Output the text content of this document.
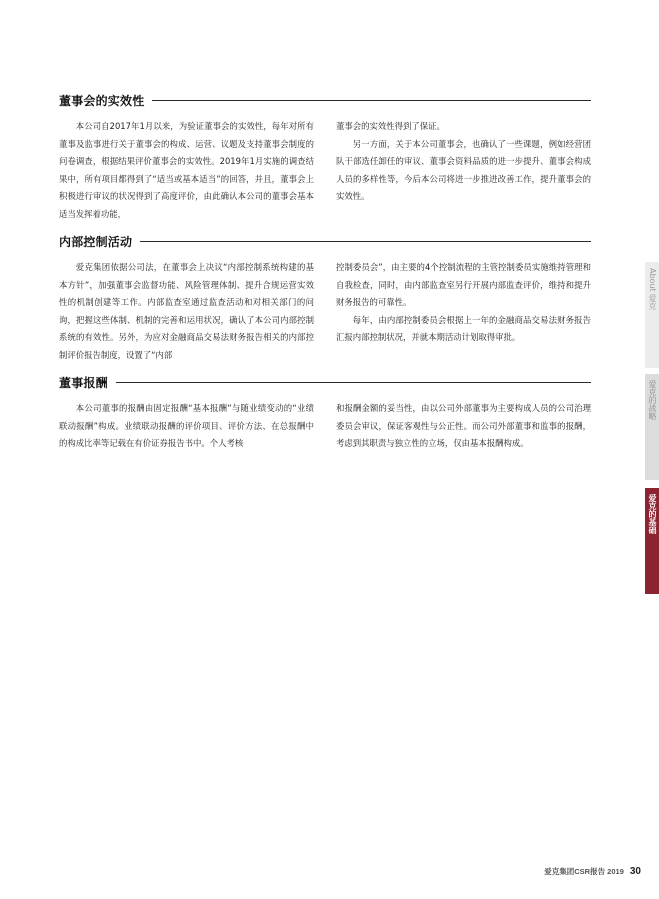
董事会的实效性

本公司自2017年1月以来，为验证董事会的实效性，每年对所有董事及监事进行关于董事会的构成、运营、议题及支持董事会制度的问卷调查，根据结果评价董事会的实效性。2019年1月实施的调查结果中，所有项目都得到了“适当或基本适当”的回答，并且，董事会上积极进行审议的状况得到了高度评价，由此确认本公司的董事会基本适当发挥着功能，

董事会的实效性得到了保证。

另一方面，关于本公司董事会，也确认了一些课题，例如经营团队干部选任卸任的审议、董事会资料品质的进一步提升、董事会构成人员的多样性等，今后本公司将进一步推进改善工作，提升董事会的实效性。

内部控制活动

爱克集团依据公司法，在董事会上决议“内部控制系统构建的基本方针”，加强董事会监督功能、风险管理体制、提升合规运营实效性的机制创建等工作。内部监查室通过监查活动和对相关部门的问询，把握这些体制、机制的完善和运用状况，确认了本公司内部控制系统的有效性。另外，为应对金融商品交易法财务报告相关的内部控制评价报告制度，设置了“内部

控制委员会”，由主要的4个控制流程的主管控制委员实施维持管理和自我检查，同时，由内部监查室另行开展内部监查评价，维持和提升财务报告的可靠性。

每年，由内部控制委员会根据上一年的金融商品交易法财务报告汇报内部控制状况，并就本期活动计划取得审批。

董事报酬

本公司董事的报酬由固定报酬“基本报酬”与随业绩变动的“业绩联动报酬”构成。业绩联动报酬的评价项目、评价方法、在总报酬中的构成比率等记载在有价证券报告书中。个人考核

和报酬金额的妥当性，由以公司外部董事为主要构成人员的公司治理委员会审议，保证客观性与公正性。而公司外部董事和监事的报酬，考虑到其职责与独立性的立场，仅由基本报酬构成。

About 爱克
爱克的战略
爱克的基础
爱克集团CSR报告 2019 30
